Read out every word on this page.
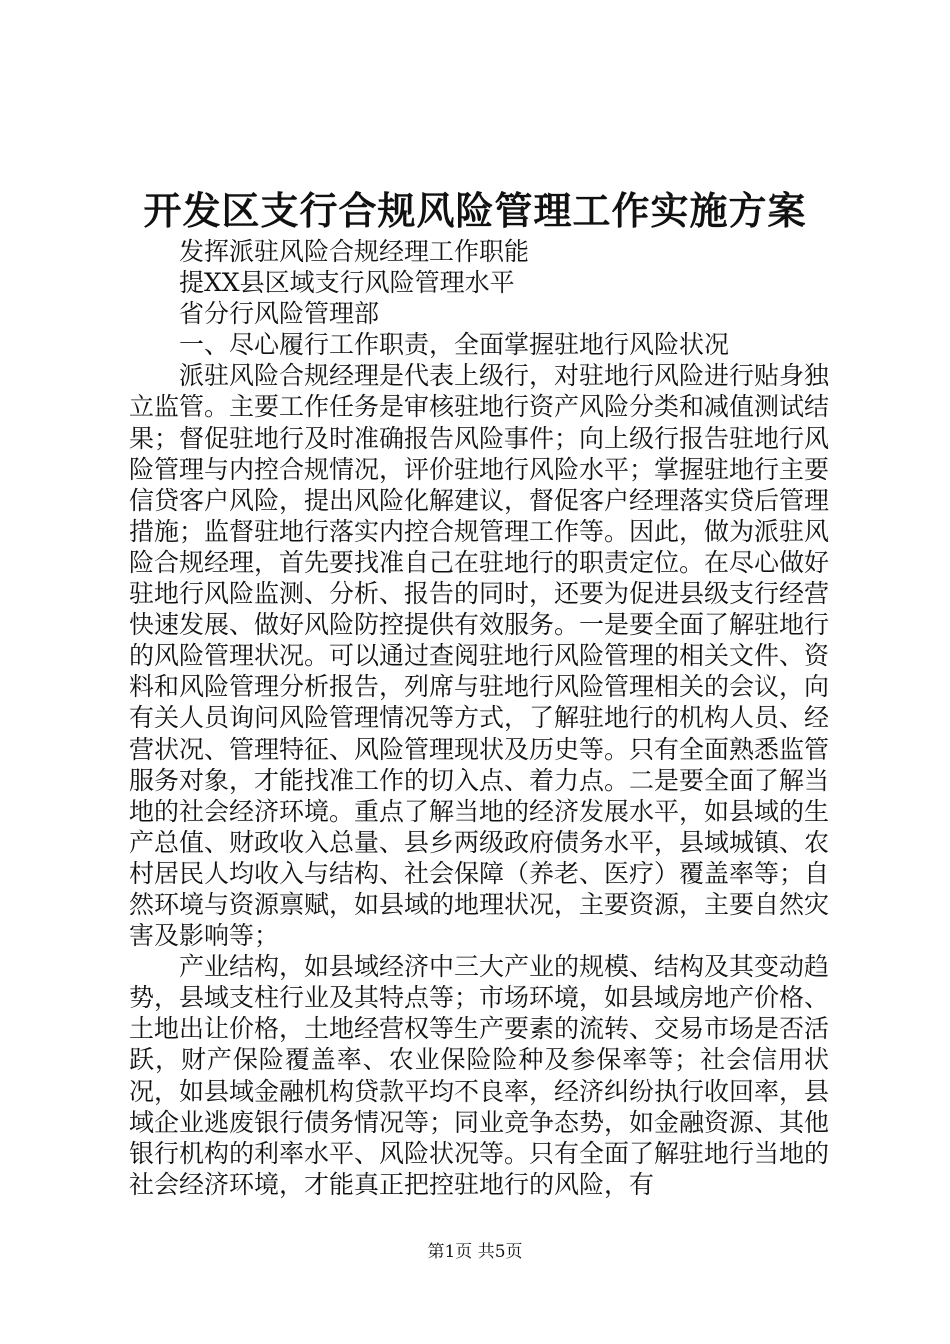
开发区支行合规风险管理工作实施方案

发挥派驻风险合规经理工作职能

提XX县区域支行风险管理水平

省分行风险管理部

一、尽心履行工作职责，全面掌握驻地行风险状况

派驻风险合规经理是代表上级行，对驻地行风险进行贴身独立监管。主要工作任务是审核驻地行资产风险分类和减值测试结果；督促驻地行及时准确报告风险事件；向上级行报告驻地行风险管理与内控合规情况，评价驻地行风险水平；掌握驻地行主要信贷客户风险，提出风险化解建议，督促客户经理落实贷后管理措施；监督驻地行落实内控合规管理工作等。因此，做为派驻风险合规经理，首先要找准自己在驻地行的职责定位。在尽心做好驻地行风险监测、分析、报告的同时，还要为促进县级支行经营快速发展、做好风险防控提供有效服务。一是要全面了解驻地行的风险管理状况。可以通过查阅驻地行风险管理的相关文件、资料和风险管理分析报告，列席与驻地行风险管理相关的会议，向有关人员询问风险管理情况等方式，了解驻地行的机构人员、经营状况、管理特征、风险管理现状及历史等。只有全面熟悉监管服务对象，才能找准工作的切入点、着力点。二是要全面了解当地的社会经济环境。重点了解当地的经济发展水平，如县域的生产总值、财政收入总量、县乡两级政府债务水平，县域城镇、农村居民人均收入与结构、社会保障（养老、医疗）覆盖率等；自然环境与资源禀赋，如县域的地理状况，主要资源，主要自然灾害及影响等；

产业结构，如县域经济中三大产业的规模、结构及其变动趋势，县域支柱行业及其特点等；市场环境，如县域房地产价格、土地出让价格，土地经营权等生产要素的流转、交易市场是否活跃，财产保险覆盖率、农业保险险种及参保率等；社会信用状况，如县域金融机构贷款平均不良率，经济纠纷执行收回率，县域企业逃废银行债务情况等；同业竞争态势，如金融资源、其他银行机构的利率水平、风险状况等。只有全面了解驻地行当地的社会经济环境，才能真正把控驻地行的风险，有

第1页 共5页
